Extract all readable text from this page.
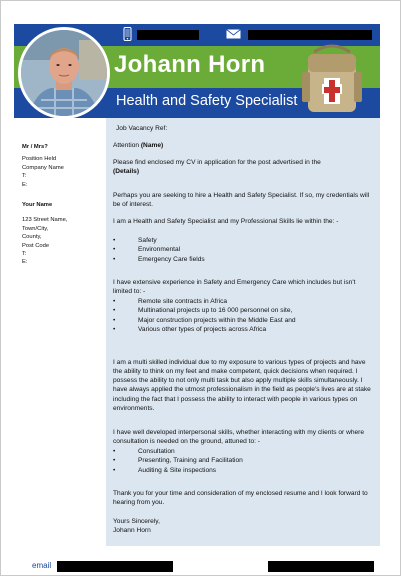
Johann Horn
Health and Safety Specialist
Mr / Mrs?
Position Held
Company Name
T:
E:
Your Name
123 Street Name,
Town/City,
County,
Post Code
T:
E:
Job Vacancy Ref:
Attention (Name)

Please find enclosed my CV in application for the post advertised in the

(Details)

Perhaps you are seeking to hire a Health and Safety Specialist. If so, my credentials will be of interest.

I am a Health and Safety Specialist and my Professional Skills lie within the: -

• Safety
• Environmental
• Emergency Care fields

I have extensive experience in Safety and Emergency Care which includes but isn't limited to: -

• Remote site contracts in Africa
• Multinational projects up to 16 000 personnel on site,
• Major construction projects within the Middle East and
• Various other types of projects across Africa

I am a multi skilled individual due to my exposure to various types of projects and have the ability to think on my feet and make competent, quick decisions when required. I possess the ability to not only multi task but also apply multiple skills simultaneously. I have always applied the utmost professionalism in the field as people's lives are at stake including the fact that I possess the ability to interact with people in various types on environments.

I have well developed interpersonal skills, whether interacting with my clients or where consultation is needed on the ground, attuned to: -

• Consultation
• Presenting, Training and Facilitation
• Auditing & Site inspections

Thank you for your time and consideration of my enclosed resume and I look forward to hearing from you.

Yours Sincerely,

Johann Horn

email
